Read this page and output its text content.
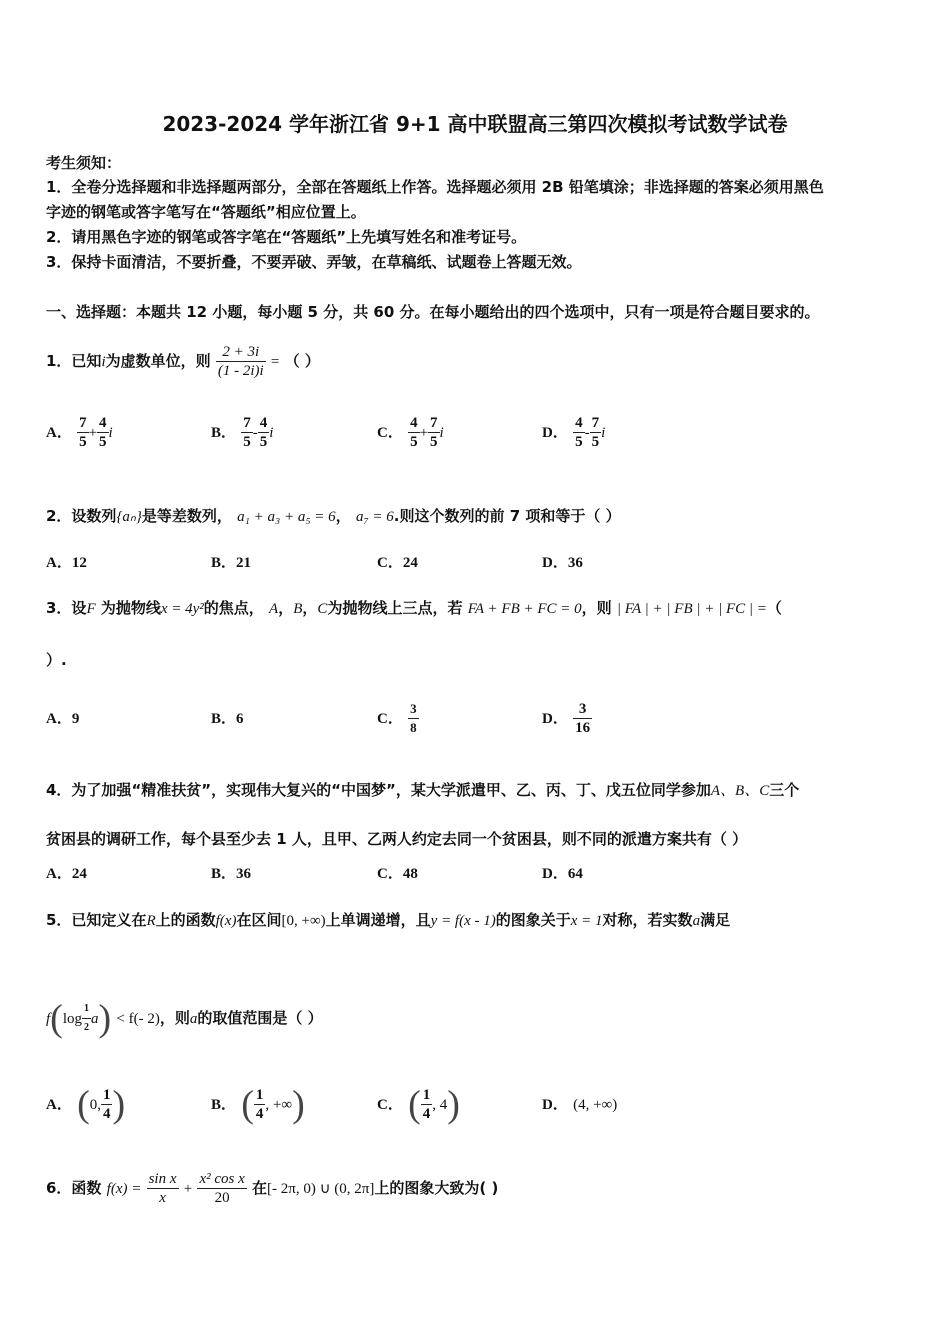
2023-2024 学年浙江省 9+1 高中联盟高三第四次模拟考试数学试卷
考生须知：
1．全卷分选择题和非选择题两部分，全部在答题纸上作答。选择题必须用 2B 铅笔填涂；非选择题的答案必须用黑色
字迹的钢笔或答字笔写在“答题纸”相应位置上。
2．请用黑色字迹的钢笔或答字笔在“答题纸”上先填写姓名和准考证号。
3．保持卡面清洁，不要折叠，不要弄破、弄皱，在草稿纸、试题卷上答题无效。
一、选择题：本题共 12 小题，每小题 5 分，共 60 分。在每小题给出的四个选项中，只有一项是符合题目要求的。
1．已知i为虚数单位，则 $\frac{2 + 3i}{(1 - 2i)i}$ = （ ）
A． $\frac{7}{5} + \frac{4}{5}$ i	B． $\frac{7}{5} - \frac{4}{5}$ i	C． $\frac{4}{5} + \frac{7}{5}$ i	D． $\frac{4}{5} - \frac{7}{5}$ i
2．设数列{aₙ}是等差数列， a₁ + a₃ + a₅ = 6， a₇ = 6.则这个数列的前 7 项和等于（ ）
A．12	B．21	C．24	D．36
3．设F 为抛物线x = 4y²的焦点， A，B，C为抛物线上三点，若 FA + FB + FC = 0，则 | FA | + | FB | + | FC | =（
）.
A．9	B．6	C． $\frac{3}{8}$	D． $\frac{3}{16}$
4．为了加强“精准扶贫”，实现伟大复兴的“中国梦”，某大学派遣甲、乙、丙、丁、戊五位同学参加A、B、C三个
贫困县的调研工作，每个县至少去 1 人，且甲、乙两人约定去同一个贫困县，则不同的派遣方案共有（ ）
A．24	B．36	C．48	D．64
5．已知定义在R上的函数f(x)在区间[0, +∞)上单调递增，且y = f(x - 1)的图象关于x = 1对称，若实数a满足
$f(\log \frac{1}{2} a) < f(-$ 2)，则a的取值范围是（ ）
A． (0, $\frac{1}{4}$ )	B． ( $\frac{1}{4}$ , +∞)	C． ( $\frac{1}{4}$ , 4)	D． (4, +∞)
6．函数 $f(x) = \frac{\text{sin x}}{x} + \frac{\text{x² cos x}}{20}$ 在[- 2π, 0) ∪ (0, 2π]上的图象大致为( )
